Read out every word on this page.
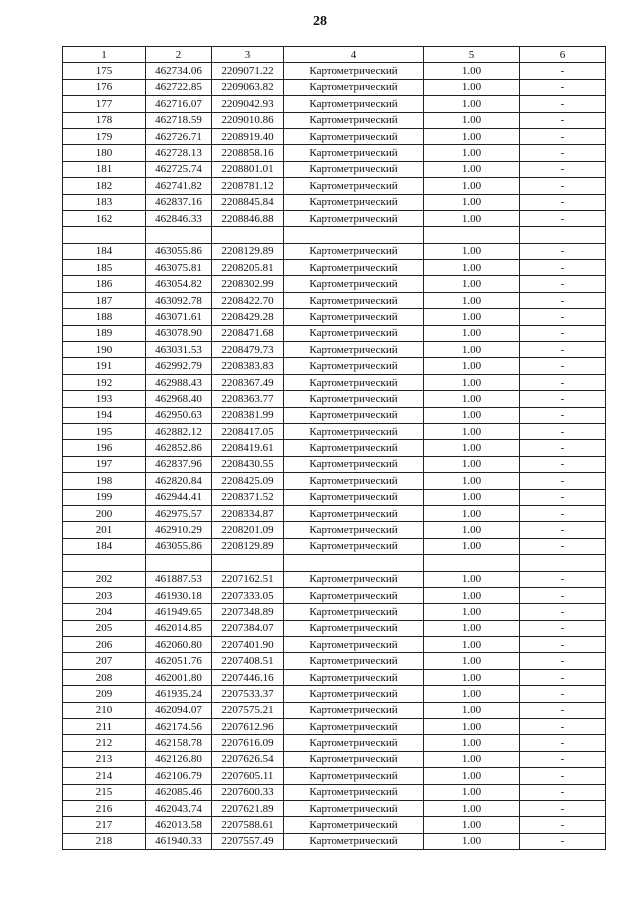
28
1	2	3	4	5	6
175	462734.06	2209071.22	Картометрический	1.00	-
176	462722.85	2209063.82	Картометрический	1.00	-
177	462716.07	2209042.93	Картометрический	1.00	-
178	462718.59	2209010.86	Картометрический	1.00	-
179	462726.71	2208919.40	Картометрический	1.00	-
180	462728.13	2208858.16	Картометрический	1.00	-
181	462725.74	2208801.01	Картометрический	1.00	-
182	462741.82	2208781.12	Картометрический	1.00	-
183	462837.16	2208845.84	Картометрический	1.00	-
162	462846.33	2208846.88	Картометрический	1.00	-

184	463055.86	2208129.89	Картометрический	1.00	-
185	463075.81	2208205.81	Картометрический	1.00	-
186	463054.82	2208302.99	Картометрический	1.00	-
187	463092.78	2208422.70	Картометрический	1.00	-
188	463071.61	2208429.28	Картометрический	1.00	-
189	463078.90	2208471.68	Картометрический	1.00	-
190	463031.53	2208479.73	Картометрический	1.00	-
191	462992.79	2208383.83	Картометрический	1.00	-
192	462988.43	2208367.49	Картометрический	1.00	-
193	462968.40	2208363.77	Картометрический	1.00	-
194	462950.63	2208381.99	Картометрический	1.00	-
195	462882.12	2208417.05	Картометрический	1.00	-
196	462852.86	2208419.61	Картометрический	1.00	-
197	462837.96	2208430.55	Картометрический	1.00	-
198	462820.84	2208425.09	Картометрический	1.00	-
199	462944.41	2208371.52	Картометрический	1.00	-
200	462975.57	2208334.87	Картометрический	1.00	-
201	462910.29	2208201.09	Картометрический	1.00	-
184	463055.86	2208129.89	Картометрический	1.00	-

202	461887.53	2207162.51	Картометрический	1.00	-
203	461930.18	2207333.05	Картометрический	1.00	-
204	461949.65	2207348.89	Картометрический	1.00	-
205	462014.85	2207384.07	Картометрический	1.00	-
206	462060.80	2207401.90	Картометрический	1.00	-
207	462051.76	2207408.51	Картометрический	1.00	-
208	462001.80	2207446.16	Картометрический	1.00	-
209	461935.24	2207533.37	Картометрический	1.00	-
210	462094.07	2207575.21	Картометрический	1.00	-
211	462174.56	2207612.96	Картометрический	1.00	-
212	462158.78	2207616.09	Картометрический	1.00	-
213	462126.80	2207626.54	Картометрический	1.00	-
214	462106.79	2207605.11	Картометрический	1.00	-
215	462085.46	2207600.33	Картометрический	1.00	-
216	462043.74	2207621.89	Картометрический	1.00	-
217	462013.58	2207588.61	Картометрический	1.00	-
218	461940.33	2207557.49	Картометрический	1.00	-
